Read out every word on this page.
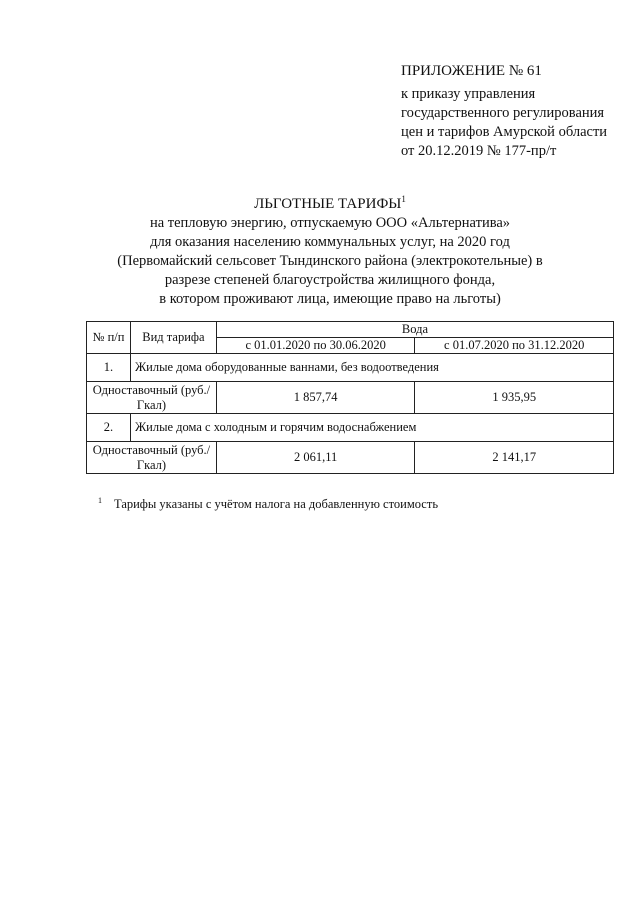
ПРИЛОЖЕНИЕ № 61
к приказу управления
государственного регулирования
цен и тарифов Амурской области
от 20.12.2019 № 177-пр/т
ЛЬГОТНЫЕ ТАРИФЫ$^1$
на тепловую энергию, отпускаемую ООО «Альтернатива»
для оказания населению коммунальных услуг, на 2020 год
(Первомайский сельсовет Тындинского района (электрокотельные) в
разрезе степеней благоустройства жилищного фонда,
в котором проживают лица, имеющие право на льготы)
№ п/п	Вид тарифа	Вода	
		с 01.01.2020 по 30.06.2020	с 01.07.2020 по 31.12.2020
1.	Жилые дома оборудованные ваннами, без водоотведения		
Одноставочный (руб./Гкал)		1 857,74	1 935,95
2.	Жилые дома с холодным и горячим водоснабжением		
Одноставочный (руб./Гкал)		2 061,11	2 141,17
$^1$ Тарифы указаны с учётом налога на добавленную стоимость
